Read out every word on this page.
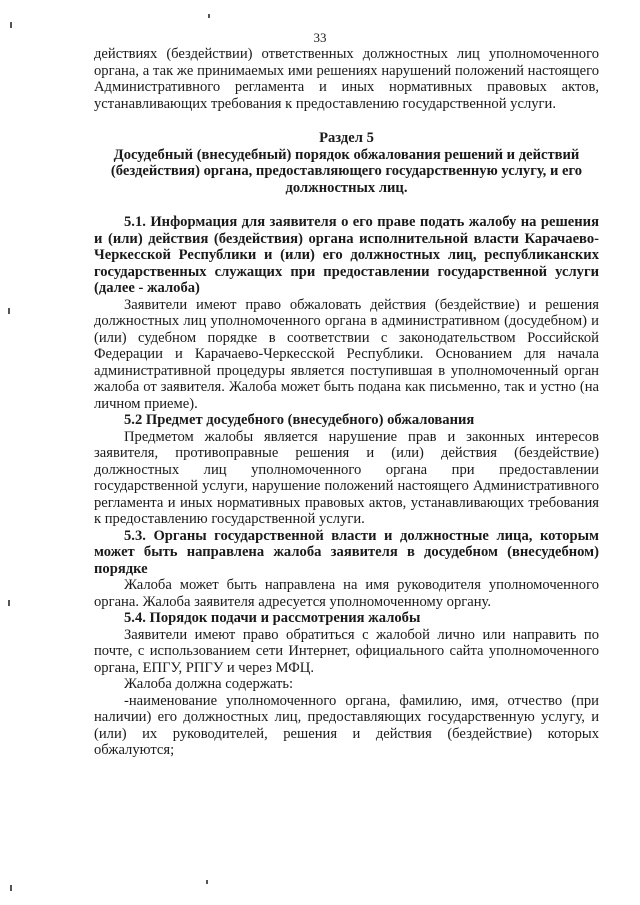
33

действиях (бездействии) ответственных должностных лиц уполномоченного органа, а так же принимаемых ими решениях нарушений положений настоящего Административного регламента и иных нормативных правовых актов, устанавливающих требования к предоставлению государственной услуги.

Раздел 5

Досудебный (внесудебный) порядок обжалования решений и действий (бездействия) органа, предоставляющего государственную услугу, и его должностных лиц.

5.1. Информация для заявителя о его праве подать жалобу на решения и (или) действия (бездействия) органа исполнительной власти Карачаево-Черкесской Республики и (или) его должностных лиц, республиканских государственных служащих при предоставлении государственной услуги (далее - жалоба)

Заявители имеют право обжаловать действия (бездействие) и решения должностных лиц уполномоченного органа в административном (досудебном) и (или) судебном порядке в соответствии с законодательством Российской Федерации и Карачаево-Черкесской Республики. Основанием для начала административной процедуры является поступившая в уполномоченный орган жалоба от заявителя. Жалоба может быть подана как письменно, так и устно (на личном приеме).

5.2 Предмет досудебного (внесудебного) обжалования

Предметом жалобы является нарушение прав и законных интересов заявителя, противоправные решения и (или) действия (бездействие) должностных лиц уполномоченного органа при предоставлении государственной услуги, нарушение положений настоящего Административного регламента и иных нормативных правовых актов, устанавливающих требования к предоставлению государственной услуги.

5.3. Органы государственной власти и должностные лица, которым может быть направлена жалоба заявителя в досудебном (внесудебном) порядке

Жалоба может быть направлена на имя руководителя уполномоченного органа. Жалоба заявителя адресуется уполномоченному органу.

5.4. Порядок подачи и рассмотрения жалобы

Заявители имеют право обратиться с жалобой лично или направить по почте, с использованием сети Интернет, официального сайта уполномоченного органа, ЕПГУ, РПГУ и через МФЦ.

Жалоба должна содержать:

-наименование уполномоченного органа, фамилию, имя, отчество (при наличии) его должностных лиц, предоставляющих государственную услугу, и (или) их руководителей, решения и действия (бездействие) которых обжалуются;
